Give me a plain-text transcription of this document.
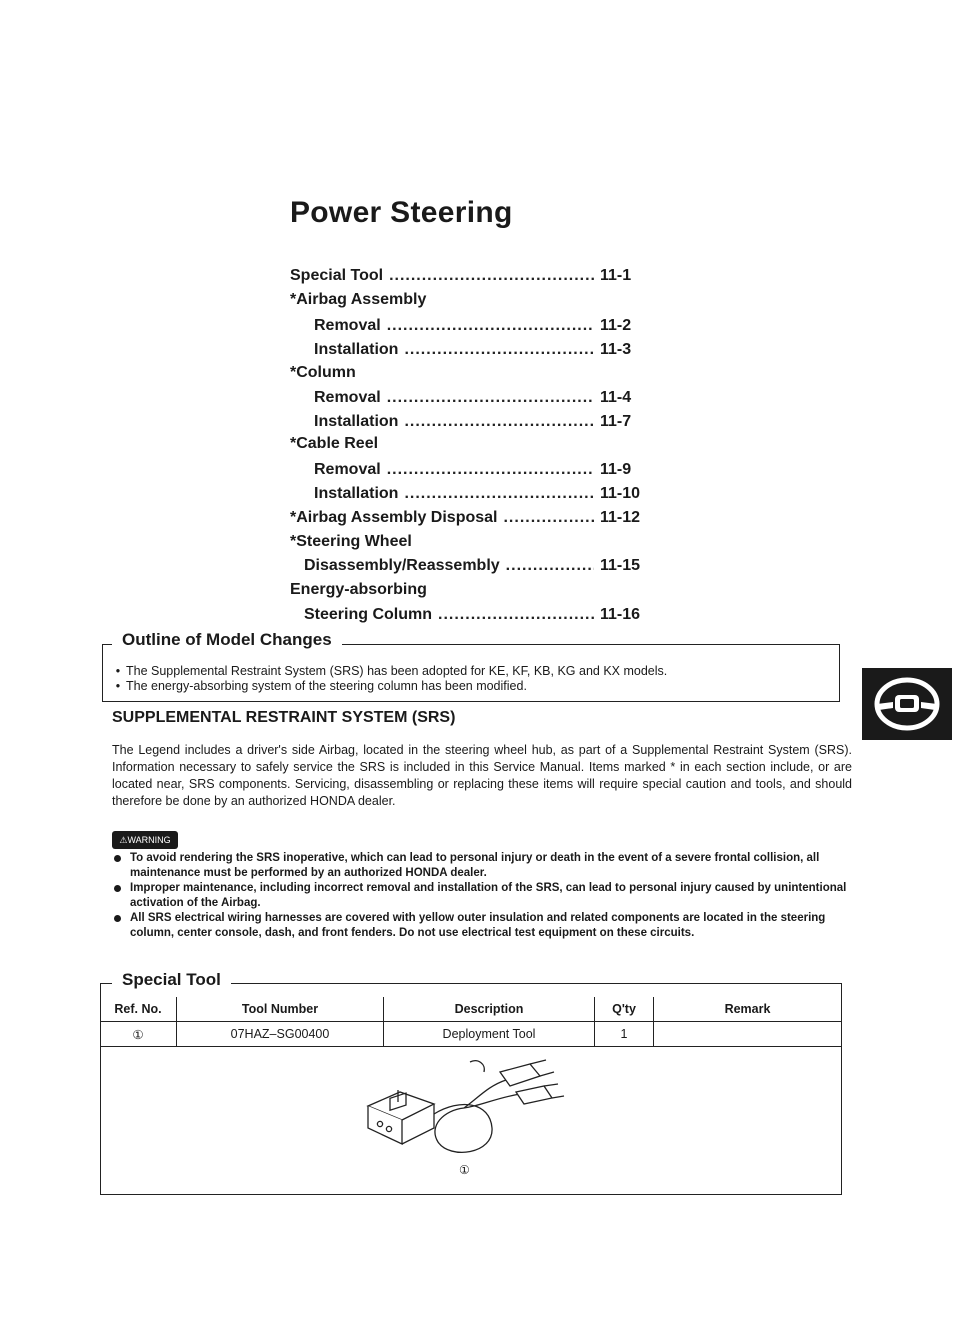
Power Steering
Special Tool .....	11-1
*Airbag Assembly
Removal .....	11-2
Installation .....	11-3
*Column
Removal .....	11-4
Installation .....	11-7
*Cable Reel
Removal .....	11-9
Installation .....	11-10
*Airbag Assembly Disposal .....	11-12
*Steering Wheel
Disassembly/Reassembly .....	11-15
Energy-absorbing
Steering Column .....	11-16
Outline of Model Changes
• The Supplemental Restraint System (SRS) has been adopted for KE, KF, KB, KG and KX models.
• The energy-absorbing system of the steering column has been modified.
SUPPLEMENTAL RESTRAINT SYSTEM (SRS)
The Legend includes a driver's side Airbag, located in the steering wheel hub, as part of a Supplemental Restraint System (SRS). Information necessary to safely service the SRS is included in this Service Manual. Items marked * in each section include, or are located near, SRS components. Servicing, disassembling or replacing these items will require special caution and tools, and should therefore be done by an authorized HONDA dealer.
⚠WARNING
To avoid rendering the SRS inoperative, which can lead to personal injury or death in the event of a severe frontal collision, all maintenance must be performed by an authorized HONDA dealer.
Improper maintenance, including incorrect removal and installation of the SRS, can lead to personal injury caused by unintentional activation of the Airbag.
All SRS electrical wiring harnesses are covered with yellow outer insulation and related components are located in the steering column, center console, dash, and front fenders. Do not use electrical test equipment on these circuits.
Special Tool
Ref. No.	Tool Number	Description	Q'ty	Remark
①	07HAZ–SG00400	Deployment Tool	1	
①
